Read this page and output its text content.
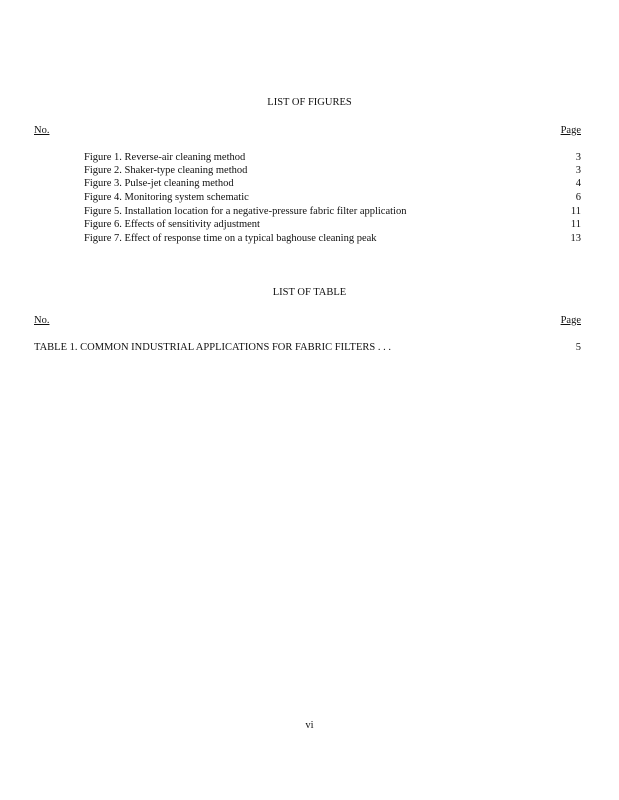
LIST OF FIGURES
No.	Page
Figure 1. Reverse-air cleaning method	3
Figure 2. Shaker-type cleaning method	3
Figure 3. Pulse-jet cleaning method	4
Figure 4. Monitoring system schematic	6
Figure 5. Installation location for a negative-pressure fabric filter application	11
Figure 6. Effects of sensitivity adjustment	11
Figure 7. Effect of response time on a typical baghouse cleaning peak	13
LIST OF TABLE
No.	Page
TABLE 1. COMMON INDUSTRIAL APPLICATIONS FOR FABRIC FILTERS . . .	5
vi
